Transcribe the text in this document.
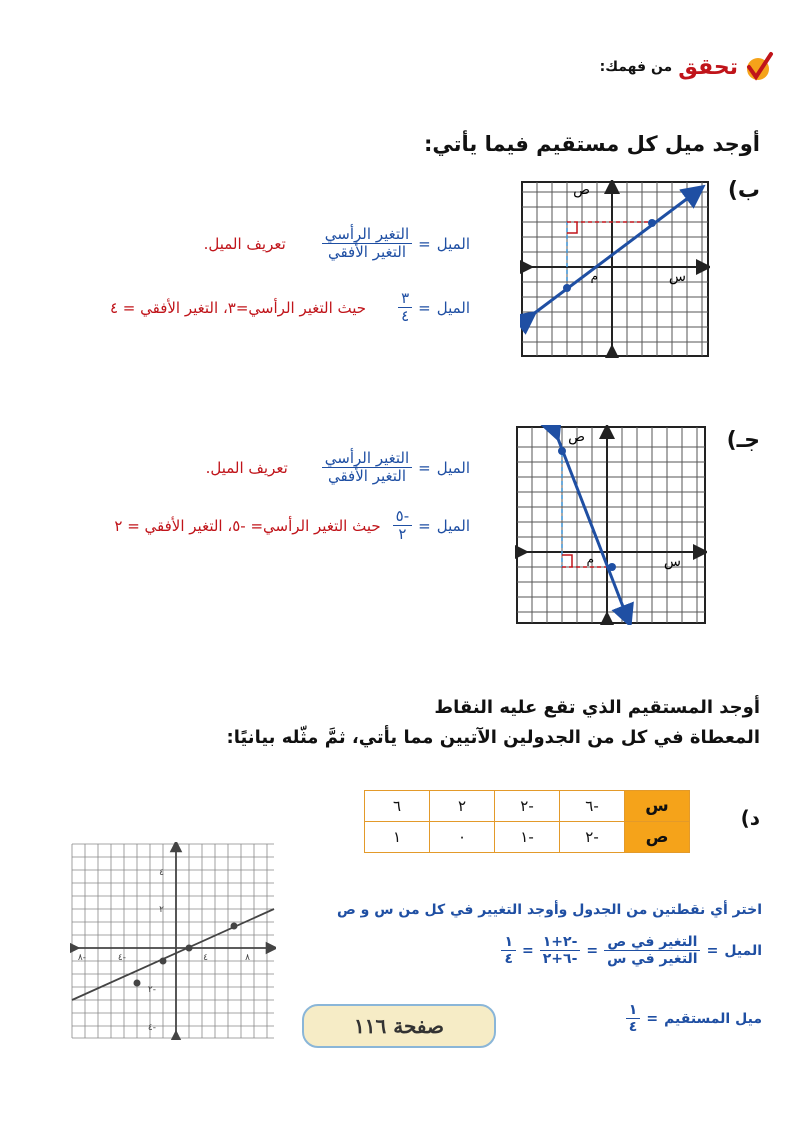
تحقق
من فهمك:
أوجد ميل كل مستقيم فيما يأتي:
ب)
س
ص
م
الميل
=
$\frac{\text{التغير الرأسي}}{\text{التغير الأفقي}}$
تعريف الميل.
الميل
=
$\frac{٣}{٤}$
حيث التغير الرأسي=٣، التغير الأفقي = ٤
جـ)
س
ص
م
الميل
=
$\frac{\text{التغير الرأسي}}{\text{التغير الأفقي}}$
تعريف الميل.
الميل
=
$\frac{-٥}{٢}$
حيث التغير الرأسي= -٥، التغير الأفقي = ٢
أوجد المستقيم الذي تقع عليه النقاط
المعطاة في كل من الجدولين الآتيين مما يأتي، ثمَّ مثّله بيانيًا:
د)
س	-٦	-٢	٢	٦
ص	-٢	-١	٠	١
-٨	-٤	٤	٨
٤
٢
-٢
-٤
اختر أي نقطتين من الجدول وأوجد التغيير في كل من س و ص
الميل
=
$\frac{\text{التغير في ص}}{\text{التغير في س}}$
=
$\frac{-٢+١}{-٦+٢}$
=
$\frac{١}{٤}$
ميل المستقيم
=
$\frac{١}{٤}$
صفحة ١١٦
